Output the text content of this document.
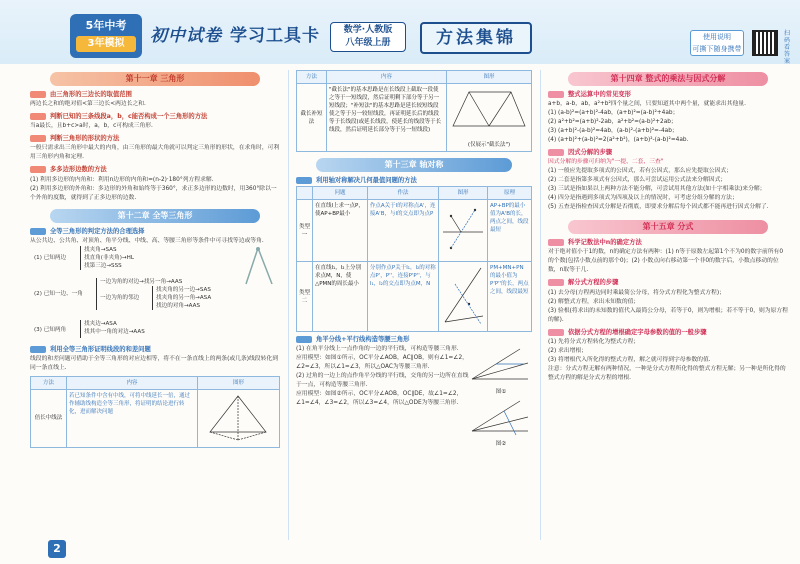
5年中考
3年模拟	初中试卷 学习工具卡	数学·人教版
八年级上册	方法集锦	使用说明
可撕下随身携带
扫码看答案
第十一章 三角形
由三角形的三边长的取值范围
两边长之和的绝对值<第三边长<两边长之和.
判断已知的三条线段a，b，c能否构成一个三角形的方法
当a最长，且b+c>a时，a，b，c可构成三角形.
判断三角形的形状的方法
一般只需求出三角形中最大的内角，由三角形的最大角就可以判定三角形的形状，在求角时，可利用三角形内角和定理.
多多边形边数的方法
(1) 利用多边形的内角和：利用n边形的内角和=(n-2)·180°列方程求解.
(2) 利用多边形的外角和：多边形的外角和始终等于360°，求正多边形的边数时，用360°除以一个外角的度数，就得到了正多边形的边数.
第十二章 全等三角形
全等三角形的判定方法的合理选择
从公共边、公共角、对顶角、角平分线、中线、高、等腰三角形等条件中可寻找等边或等角.
(1) 已知两边
找夹角→SAS
找直角(非夹角)→HL
找第三边→SSS
(2) 已知一边、一角
一边为角的对边→找另一角→AAS
一边为角的邻边
找夹角的另一边→SAS
找夹角的另一角→ASA
找边的对角→AAS
(3) 已知两角
找夹边→ASA
找其中一角的对边→AAS
利用全等三角形证明线段的和差问题
线段的和差问题可借助于全等三角形的对应边相等，将不在一条直线上的两条(或几条)线段转化到同一条直线上.
方法	内容	图形
倍长中线法	若已知条件中含有中线，可将中线延长一倍，通过作辅助线构造全等三角形，将证明的结论进行转化，进而解决问题	
2
方法	内容	图形
截长补短法	"截长法"的基本思路是在长线段上截取一段使之等于一短线段，然后证明剩下部分等于另一短线段；"补短法"的基本思路是延长较短线段使之等于另一较短线段，再证明延长后的线段等于长线段(或延长线段，使延长的线段等于长线段，然后证明延长部分等于另一短线段)	(仅展示"截长法")
第十三章 轴对称
利用轴对称解决几何最值问题的方法
	问题	作法	图形	原理
类型一	在直线l上求一点P，使AP+BP最小	作点A关于l的对称点A'，连接A'B，与l的交点即为点P		AP+BP的最小值为A'B的长，两点之间，线段最短
类型二	在直线l₁，l₂上分别求点M，N，使△PMN的周长最小	分别作点P关于l₁，l₂的对称点P'，P''，连接P'P''，与l₁，l₂的交点即为点M，N		PM+MN+PN的最小值为P'P''的长，两点之间，线段最短
角平分线+平行线构造等腰三角形
(1) 在角平分线上一点作角的一边的平行线，可构造等腰三角形.
应用模型：如图①所示，OC平分∠AOB，AC∥OB，则有∠1=∠2，∠2=∠3，所以∠1=∠3，所以△OAC为等腰三角形.
(2) 过角的一边上的点作角平分线的平行线，交角的另一边所在直线于一点，可构造等腰三角形.
应用模型：如图②所示，OC平分∠AOB，OC∥DE，故∠1=∠2，∠1=∠4，∠3=∠2，所以∠3=∠4，所以△ODE为等腰三角形.
图①
图②
第十四章 整式的乘法与因式分解
整式运算中的常见变形
a+b，a-b，ab，a²+b²四个量之间，只要知道其中两个量，就能求出其他量.
(1) (a-b)²=(a+b)²-4ab，(a+b)²=(a-b)²+4ab；
(2) a²+b²=(a+b)²-2ab，a²+b²=(a-b)²+2ab；
(3) (a+b)²-(a-b)²=4ab，(a-b)²-(a+b)²=-4ab；
(4) (a+b)²+(a-b)²=2(a²+b²)，(a+b)²-(a-b)²=4ab.
因式分解的步骤
因式分解的步骤可归纳为"一提、二套、三查"
(1) 一般应先提取多项式的公因式，若有公因式，那么应先提取公因式；
(2) 二套是指第多项式有公因式，那么可尝试运用公式法来分解因式；
(3) 三试是指如果以上两种方法不能分解，可尝试用其他方法(如十字相乘法)来分解；
(4) 四分是指遇到多项式为四项及以上的情况时，可考虑分组分解的方法；
(5) 五查是指检查因式分解是否彻底，即要求分解后每个因式都不能再进行因式分解了.
第十五章 分式
科学记数法中n的确定方法
对于绝对值小于1的数，n的确定方法有两种：(1) n等于原数左起第1个不为0的数字前所有0的个数(包括小数点前的那个0)；(2) 小数点向右移动第一个非0的数字后，小数点移动的位数，n取等于几.
解分式方程的步骤
(1) 去分母(方程两边同时乘最简公分母，将分式方程化为整式方程)；
(2) 解整式方程，求出未知数的值；
(3) 验根(将求出的未知数的值代入最简公分母，若等于0，则为增根；若不等于0，则为原方程的解).
依据分式方程的增根确定字母参数的值的一般步骤
(1) 先将分式方程转化为整式方程；
(2) 求出增根；
(3) 将增根代入所化得的整式方程，解之就可得到字母参数的值.
注意：分式方程无解有两种情况，一种是分式方程所化得的整式方程无解；另一种是所化得的整式方程的解是分式方程的增根.
